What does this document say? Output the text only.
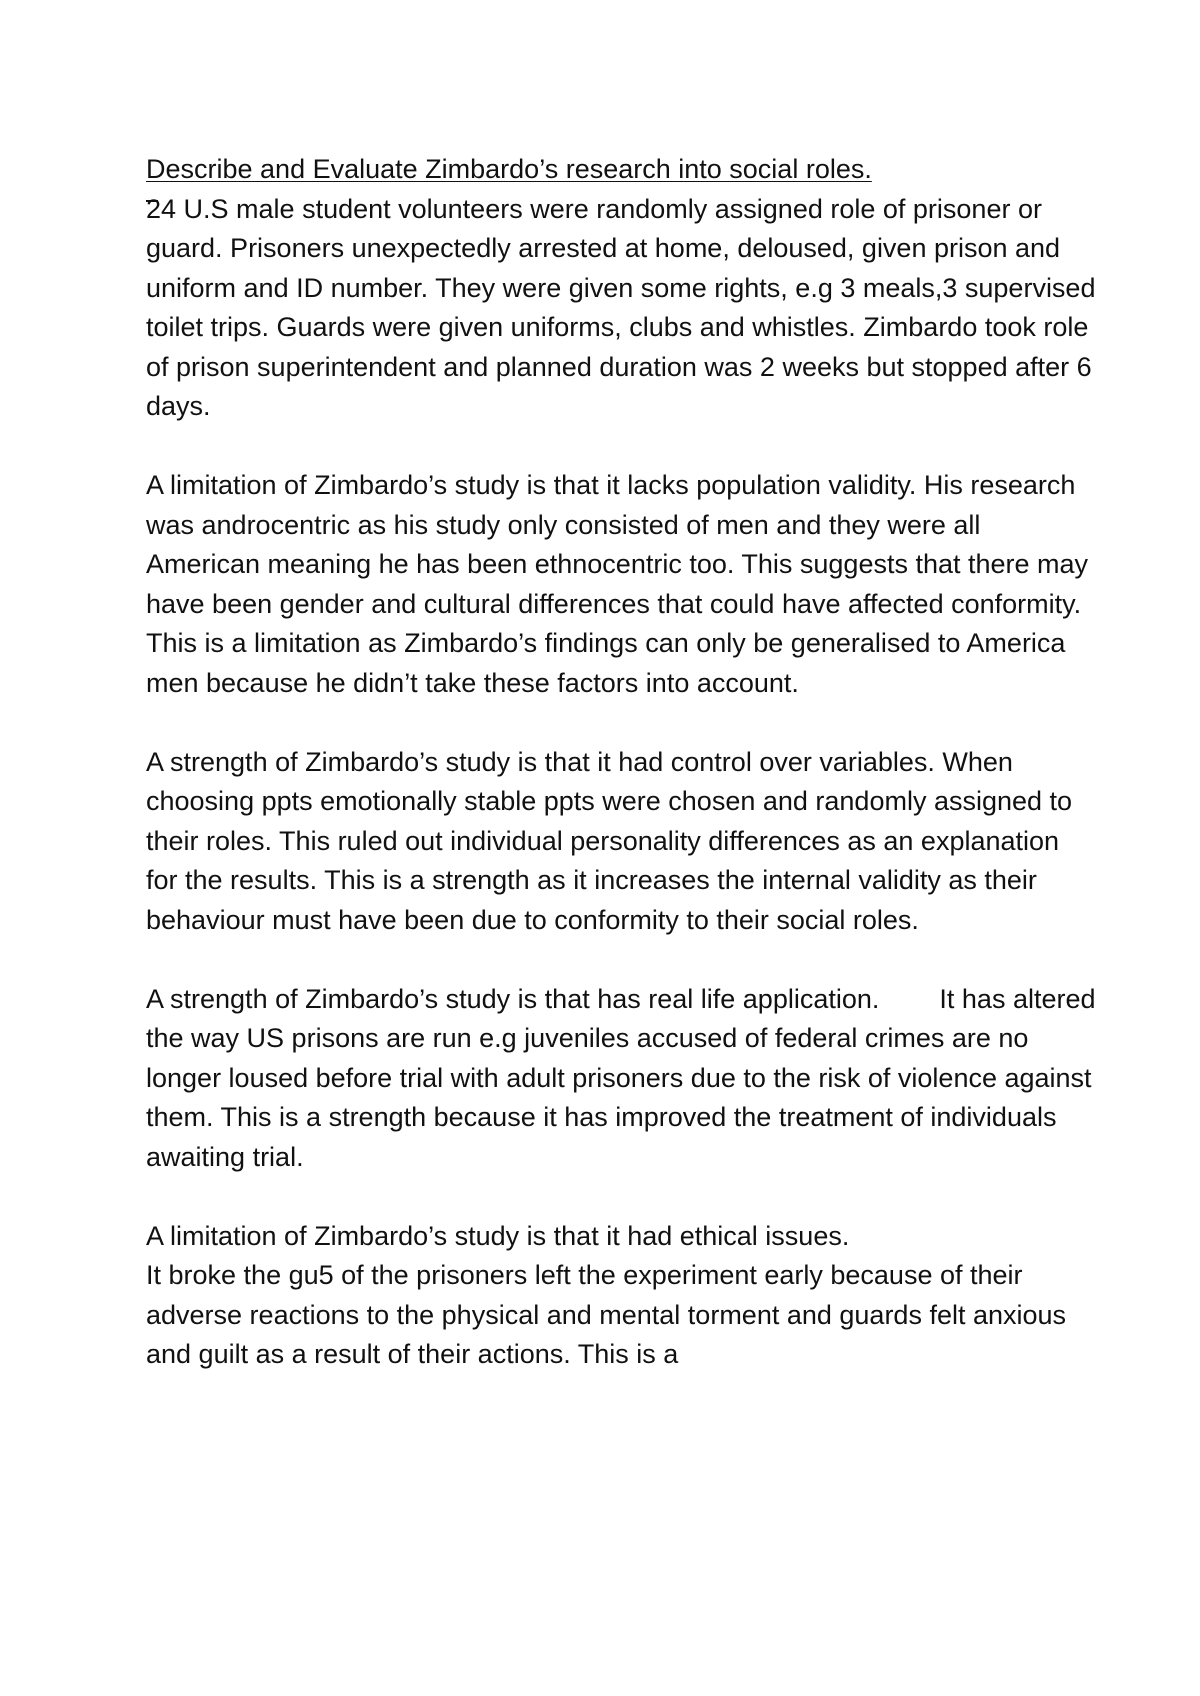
Describe and Evaluate Zimbardo’s research into social roles.

24 U.S male student volunteers were randomly assigned role of prisoner or guard. Prisoners unexpectedly arrested at home, deloused, given prison and uniform and ID number. They were given some rights, e.g 3 meals,3 supervised toilet trips. Guards were given uniforms, clubs and whistles. Zimbardo took role of prison superintendent and planned duration was 2 weeks but stopped after 6 days.

A limitation of Zimbardo’s study is that it lacks population validity. His research was androcentric as his study only consisted of men and they were all American meaning he has been ethnocentric too. This suggests that there may have been gender and cultural differences that could have affected conformity. This is a limitation as Zimbardo’s findings can only be generalised to America men because he didn’t take these factors into account.

A strength of Zimbardo’s study is that it had control over variables. When choosing ppts emotionally stable ppts were chosen and randomly assigned to their roles. This ruled out individual personality differences as an explanation for the results. This is a strength as it increases the internal validity as their behaviour must have been due to conformity to their social roles.

A strength of Zimbardo’s study is that has real life application.        It has altered the way US prisons are run e.g juveniles accused of federal crimes are no longer loused before trial with adult prisoners due to the risk of violence against them. This is a strength because it has improved the treatment of individuals awaiting trial.

A limitation of Zimbardo’s study is that it had ethical issues.
It broke the gu5 of the prisoners left the experiment early because of their adverse reactions to the physical and mental torment and guards felt anxious and guilt as a result of their actions. This is a
